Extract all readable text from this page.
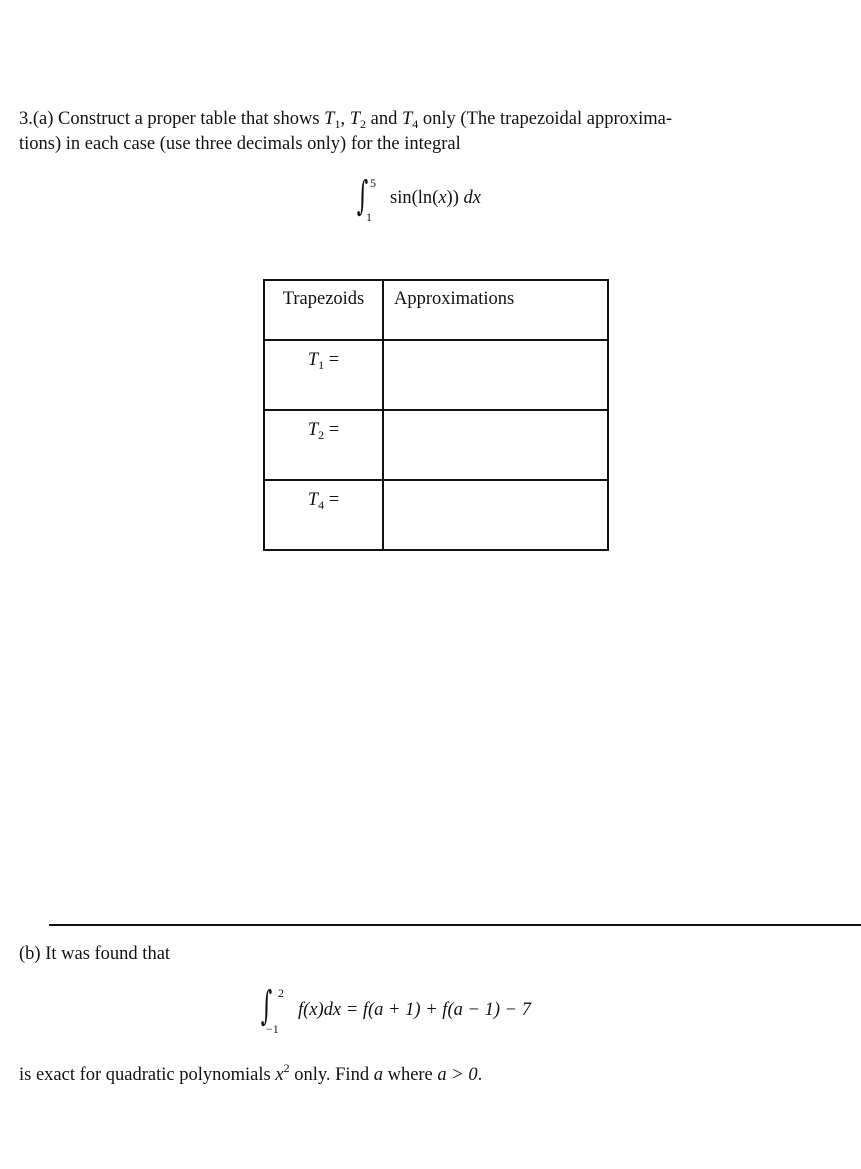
3.(a) Construct a proper table that shows $T_1$, $T_2$ and $T_4$ only (The trapezoidal approxima-
tions) in each case (use three decimals only) for the integral
∫ 5
1
sin(ln(x)) dx
Trapezoids	Approximations
$T_1$ =	
$T_2$ =	
$T_4$ =	
(b) It was found that
∫ 2
−1
f(x)dx = f(a + 1) + f(a − 1) − 7
is exact for quadratic polynomials $x^2$ only. Find a where a > 0.
